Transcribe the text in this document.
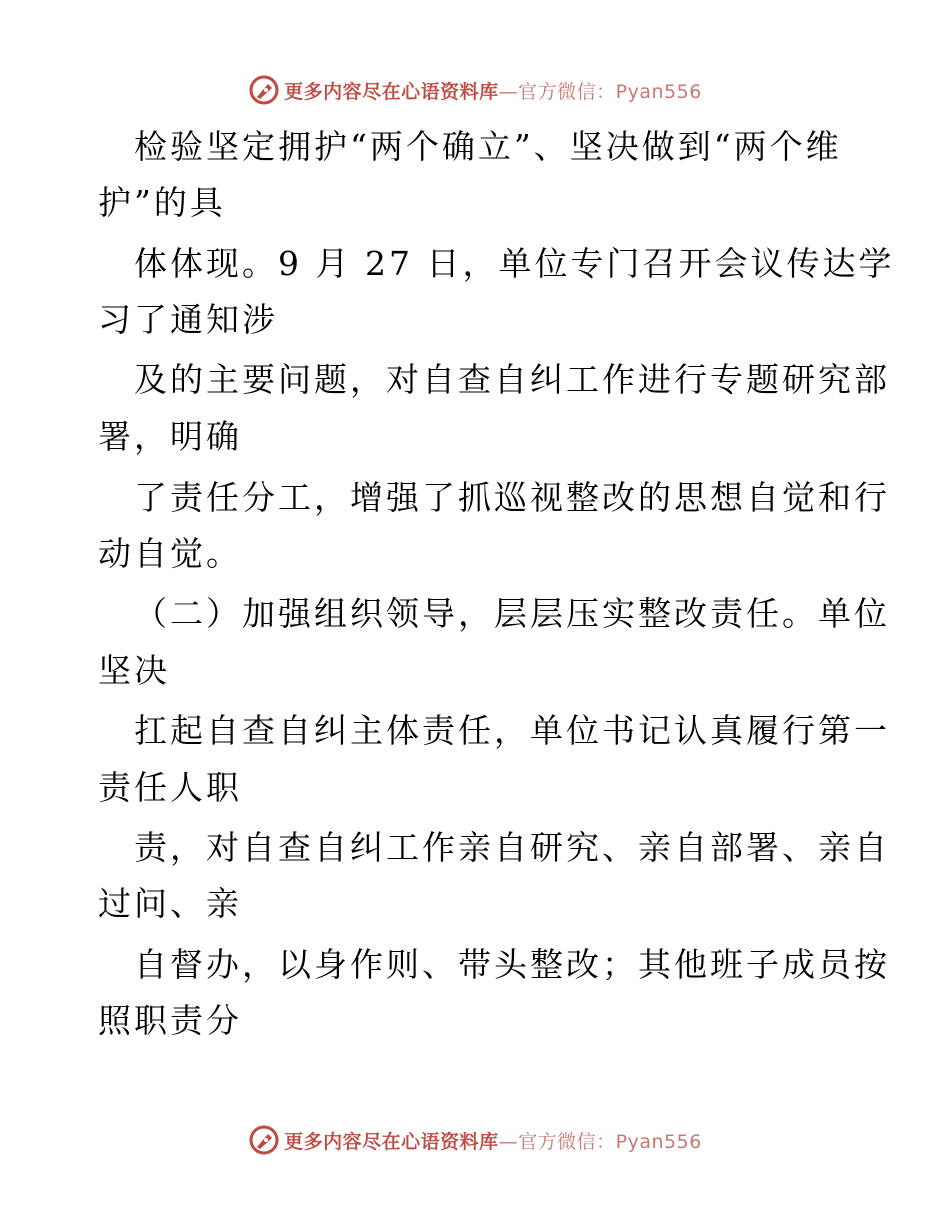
更多内容尽在心语资料库—官方微信：Pyan556

检验坚定拥护“两个确立”、坚决做到“两个维

护”的具

体体现。9 月 27 日，单位专门召开会议传达学

习了通知涉

及的主要问题，对自查自纠工作进行专题研究部

署，明确

了责任分工，增强了抓巡视整改的思想自觉和行

动自觉。

（二）加强组织领导，层层压实整改责任。单位

坚决

扛起自查自纠主体责任，单位书记认真履行第一

责任人职

责，对自查自纠工作亲自研究、亲自部署、亲自

过问、亲

自督办，以身作则、带头整改；其他班子成员按

照职责分

更多内容尽在心语资料库—官方微信：Pyan556
